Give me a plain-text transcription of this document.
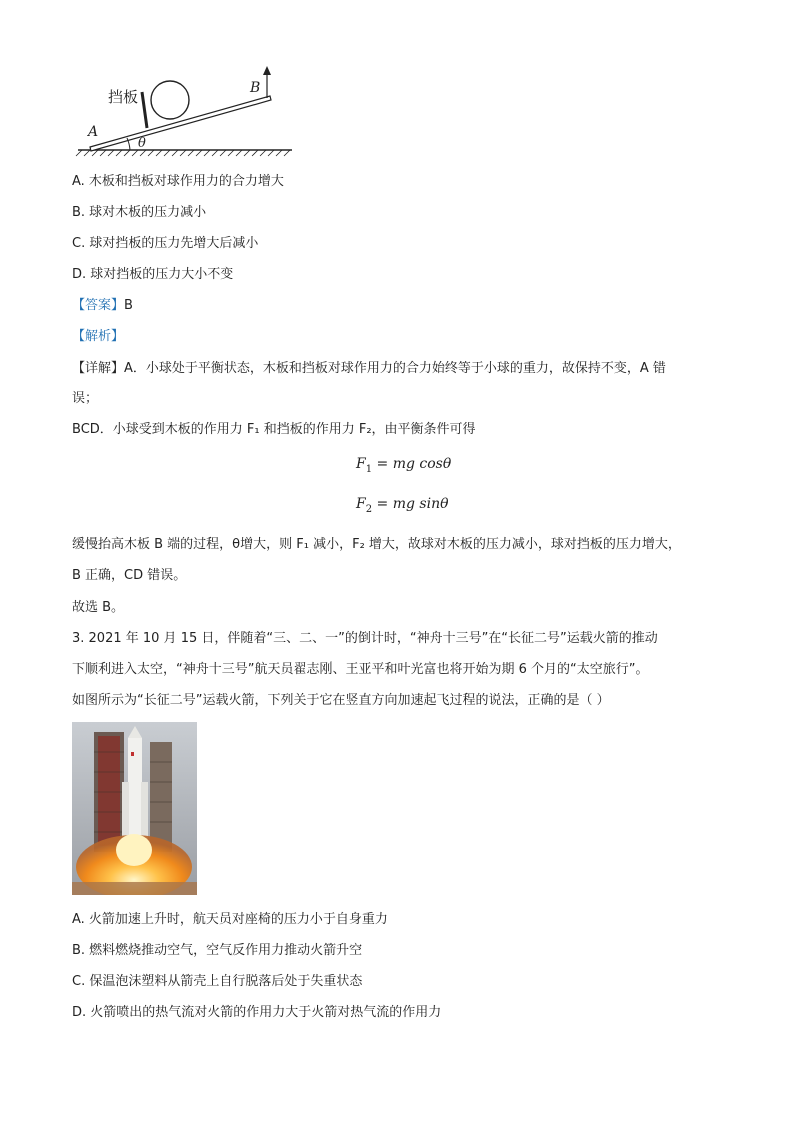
挡板
A
B
θ
A. 木板和挡板对球作用力的合力增大
B. 球对木板的压力减小
C. 球对挡板的压力先增大后减小
D. 球对挡板的压力大小不变
【答案】B
【解析】
【详解】A．小球处于平衡状态，木板和挡板对球作用力的合力始终等于小球的重力，故保持不变，A 错
误；
BCD．小球受到木板的作用力 F₁ 和挡板的作用力 F₂，由平衡条件可得
$F_1$ = mg cosθ
$F_2$ = mg sinθ
缓慢抬高木板 B 端的过程，θ增大，则 F₁ 减小，F₂ 增大，故球对木板的压力减小，球对挡板的压力增大，
B 正确，CD 错误。
故选 B。
3. 2021 年 10 月 15 日，伴随着“三、二、一”的倒计时，“神舟十三号”在“长征二号”运载火箭的推动
下顺利进入太空，“神舟十三号”航天员翟志刚、王亚平和叶光富也将开始为期 6 个月的“太空旅行”。
如图所示为“长征二号”运载火箭，下列关于它在竖直方向加速起飞过程的说法，正确的是（ ）
A. 火箭加速上升时，航天员对座椅的压力小于自身重力
B. 燃料燃烧推动空气，空气反作用力推动火箭升空
C. 保温泡沫塑料从箭壳上自行脱落后处于失重状态
D. 火箭喷出的热气流对火箭的作用力大于火箭对热气流的作用力
